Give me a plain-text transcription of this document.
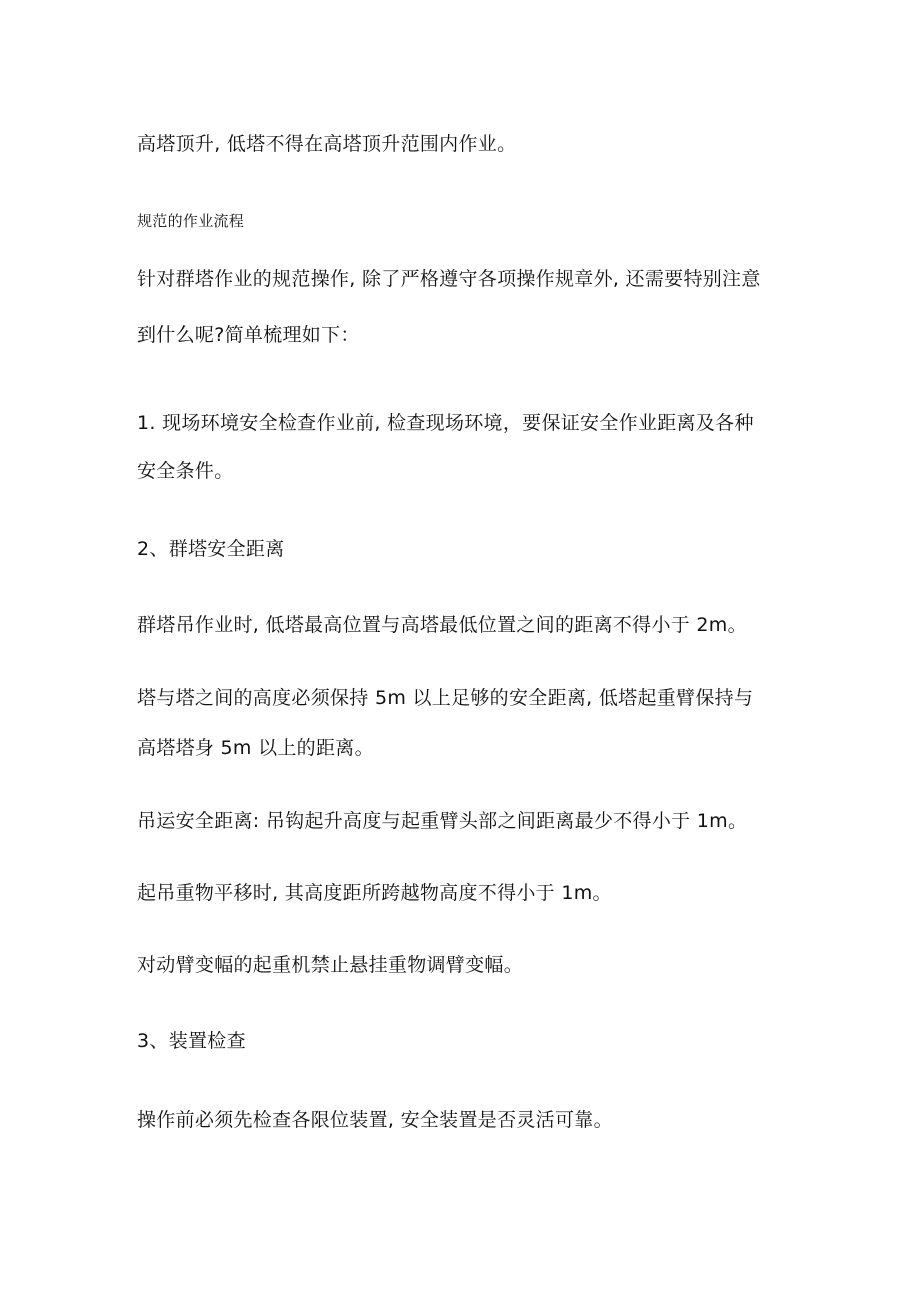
高塔顶升, 低塔不得在高塔顶升范围内作业。
规范的作业流程
针对群塔作业的规范操作, 除了严格遵守各项操作规章外, 还需要特别注意
到什么呢?简单梳理如下：
1. 现场环境安全检查作业前, 检查现场环境，要保证安全作业距离及各种
安全条件。
2、群塔安全距离
群塔吊作业时, 低塔最高位置与高塔最低位置之间的距离不得小于 2m。
塔与塔之间的高度必须保持 5m 以上足够的安全距离, 低塔起重臂保持与
高塔塔身 5m 以上的距离。
吊运安全距离: 吊钩起升高度与起重臂头部之间距离最少不得小于 1m。
起吊重物平移时, 其高度距所跨越物高度不得小于 1m。
对动臂变幅的起重机禁止悬挂重物调臂变幅。
3、装置检查
操作前必须先检查各限位装置, 安全装置是否灵活可靠。
